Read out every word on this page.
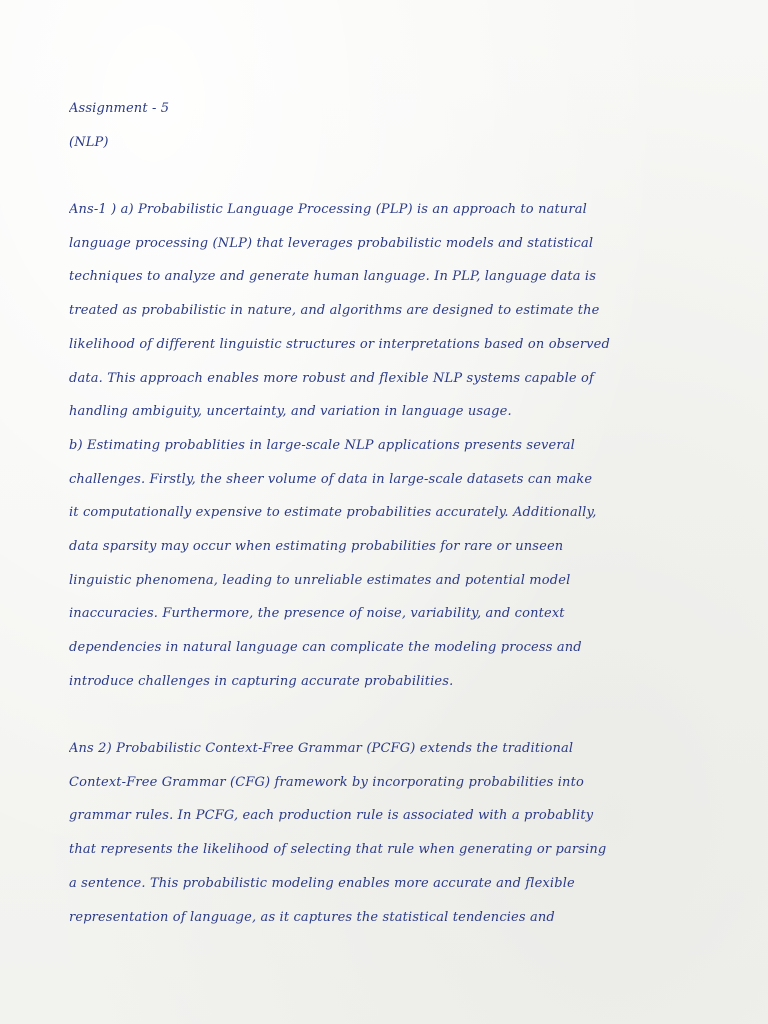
Assignment - 5
(NLP)
Ans-1 ) a) Probabilistic Language Processing (PLP) is an approach to natural
language processing (NLP) that leverages probabilistic models and statistical
techniques to analyze and generate human language. In PLP, language data is
treated as probabilistic in nature, and algorithms are designed to estimate the
likelihood of different linguistic structures or interpretations based on observed
data. This approach enables more robust and flexible NLP systems capable of
handling ambiguity, uncertainty, and variation in language usage.
b) Estimating probablities in large-scale NLP applications presents several
challenges. Firstly, the sheer volume of data in large-scale datasets can make
it computationally expensive to estimate probabilities accurately. Additionally,
data sparsity may occur when estimating probabilities for rare or unseen
linguistic phenomena, leading to unreliable estimates and potential model
inaccuracies. Furthermore, the presence of noise, variability, and context
dependencies in natural language can complicate the modeling process and
introduce challenges in capturing accurate probabilities.
Ans 2) Probabilistic Context-Free Grammar (PCFG) extends the traditional
Context-Free Grammar (CFG) framework by incorporating probabilities into
grammar rules. In PCFG, each production rule is associated with a probablity
that represents the likelihood of selecting that rule when generating or parsing
a sentence. This probabilistic modeling enables more accurate and flexible
representation of language, as it captures the statistical tendencies and
